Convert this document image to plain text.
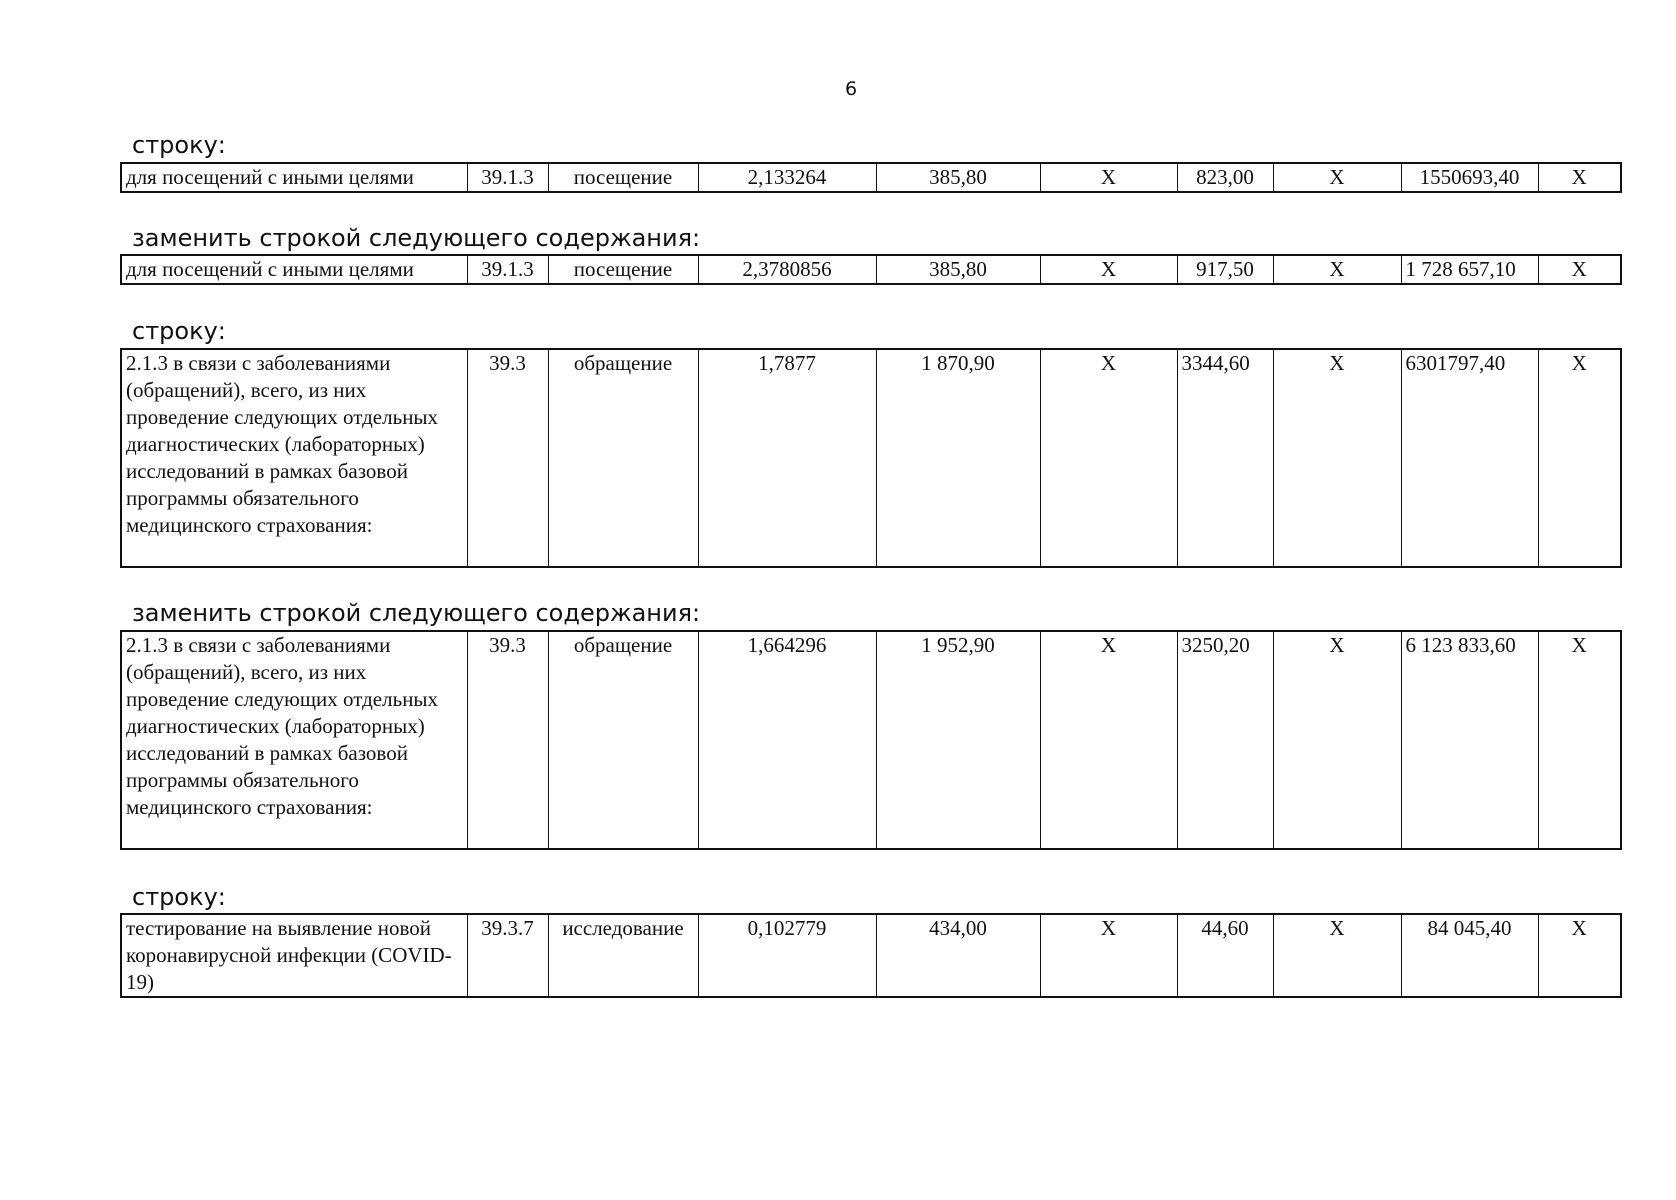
6
строку:
для посещений с иными целями	39.1.3	посещение	2,133264	385,80	Х	823,00	Х	1550693,40	Х
заменить строкой следующего содержания:
для посещений с иными целями	39.1.3	посещение	2,3780856	385,80	Х	917,50	Х	1 728 657,10	Х
строку:
2.1.3 в связи с заболеваниями (обращений), всего, из них проведение следующих отдельных диагностических (лабораторных) исследований в рамках базовой программы обязательного медицинского страхования:	39.3	обращение	1,7877	1 870,90	Х	3344,60	Х	6301797,40	Х
заменить строкой следующего содержания:
2.1.3 в связи с заболеваниями (обращений), всего, из них проведение следующих отдельных диагностических (лабораторных) исследований в рамках базовой программы обязательного медицинского страхования:	39.3	обращение	1,664296	1 952,90	Х	3250,20	Х	6 123 833,60	Х
строку:
тестирование на выявление новой коронавирусной инфекции (COVID-19)	39.3.7	исследование	0,102779	434,00	Х	44,60	Х	84 045,40	Х
